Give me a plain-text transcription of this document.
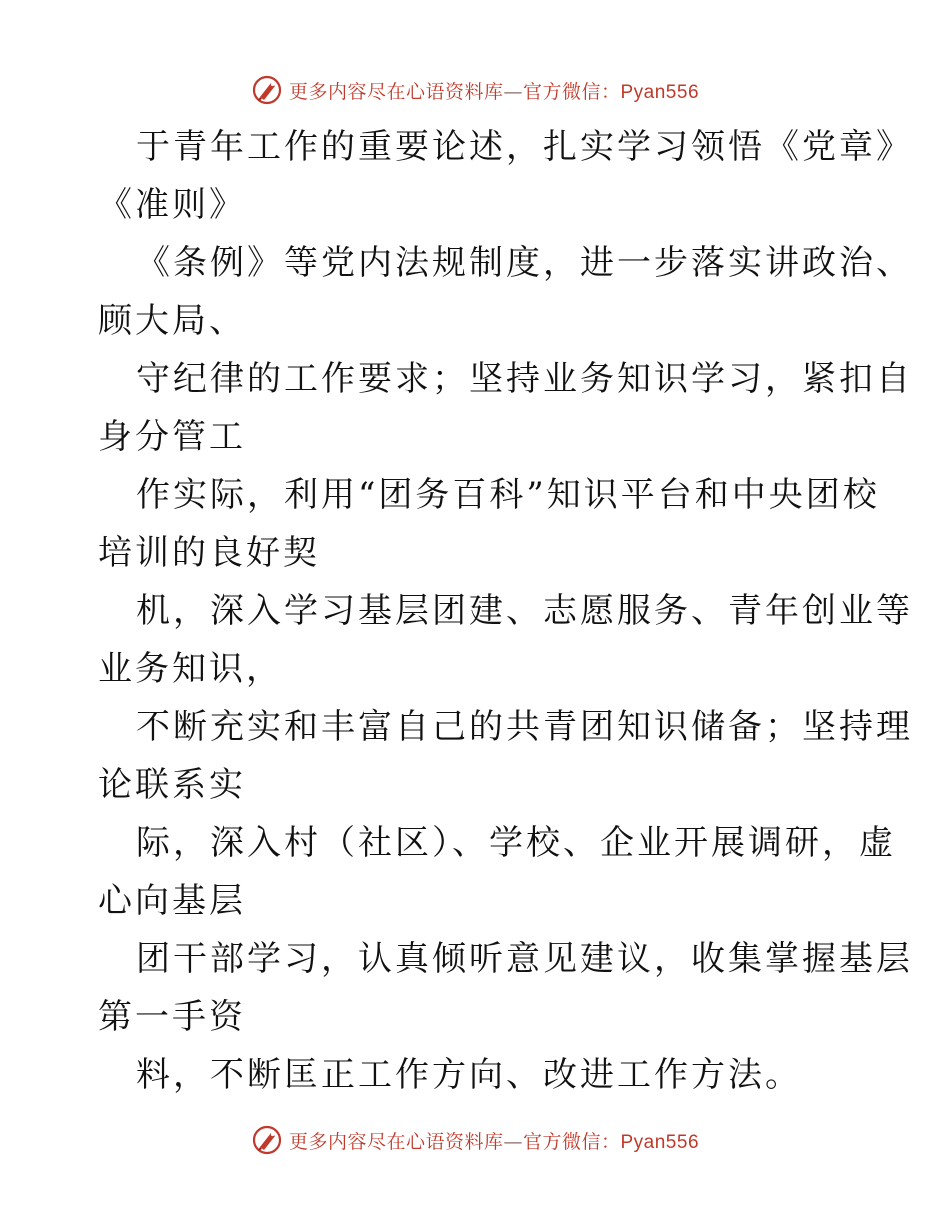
更多内容尽在心语资料库—官方微信：Pyan556
于青年工作的重要论述，扎实学习领悟《党章》
《准则》
《条例》等党内法规制度，进一步落实讲政治、
顾大局、
守纪律的工作要求；坚持业务知识学习，紧扣自
身分管工
作实际，利用“团务百科”知识平台和中央团校
培训的良好契
机，深入学习基层团建、志愿服务、青年创业等
业务知识，
不断充实和丰富自己的共青团知识储备；坚持理
论联系实
际，深入村（社区）、学校、企业开展调研，虚
心向基层
团干部学习，认真倾听意见建议，收集掌握基层
第一手资
料，不断匡正工作方向、改进工作方法。
更多内容尽在心语资料库—官方微信：Pyan556
